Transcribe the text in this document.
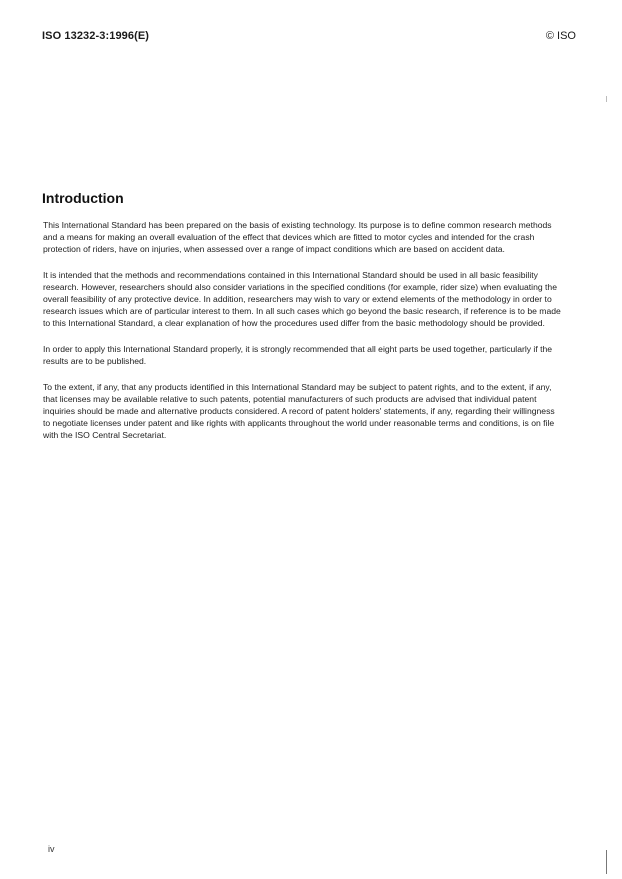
ISO 13232-3:1996(E)	© ISO
Introduction

This International Standard has been prepared on the basis of existing technology. Its purpose is to define common research methods and a means for making an overall evaluation of the effect that devices which are fitted to motor cycles and intended for the crash protection of riders, have on injuries, when assessed over a range of impact conditions which are based on accident data.

It is intended that the methods and recommendations contained in this International Standard should be used in all basic feasibility research. However, researchers should also consider variations in the specified conditions (for example, rider size) when evaluating the overall feasibility of any protective device. In addition, researchers may wish to vary or extend elements of the methodology in order to research issues which are of particular interest to them. In all such cases which go beyond the basic research, if reference is to be made to this International Standard, a clear explanation of how the procedures used differ from the basic methodology should be provided.

In order to apply this International Standard properly, it is strongly recommended that all eight parts be used together, particularly if the results are to be published.

To the extent, if any, that any products identified in this International Standard may be subject to patent rights, and to the extent, if any, that licenses may be available relative to such patents, potential manufacturers of such products are advised that individual patent inquiries should be made and alternative products considered. A record of patent holders' statements, if any, regarding their willingness to negotiate licenses under patent and like rights with applicants throughout the world under reasonable terms and conditions, is on file with the ISO Central Secretariat.

iv
